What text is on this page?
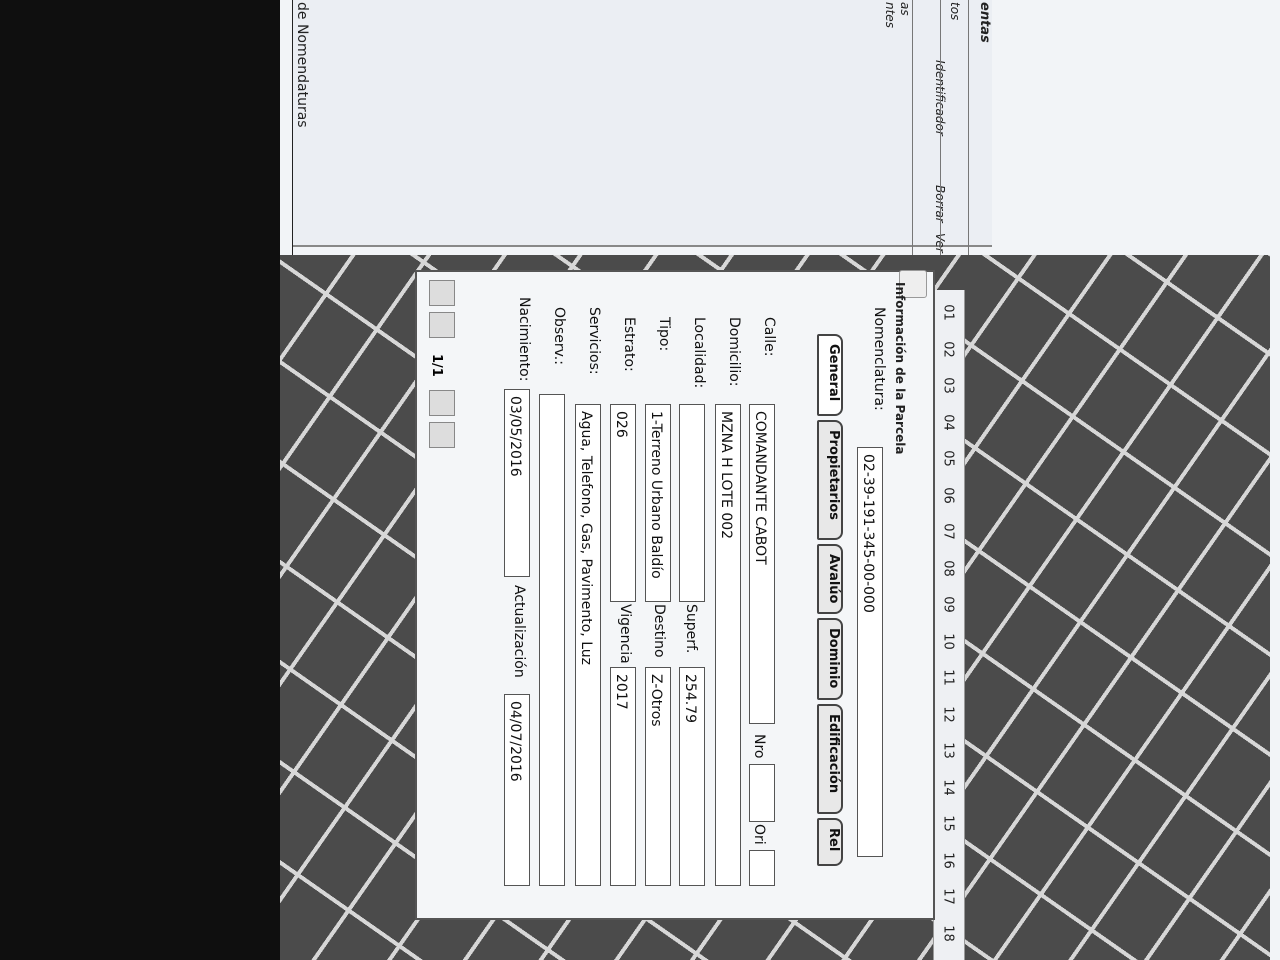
entas
tos
as
ntes
Identificador
Borrar
Ver
de Nomendaturas
01
02
03
04
05
06
07
08
09
10
11
12
13
14
15
16
17
18
Información de la Parcela
Nomenclatura:
02-39-191-345-00-000
General
Propietarios
Avalúo
Dominio
Edificación
Rel
Calle:
COMANDANTE CABOT
Nro
Ori
Domicilio:
MZNA H LOTE 002
Localidad:
Superf.
254.79
Tipo:
1-Terreno Urbano Baldío
Destino
Z-Otros
Estrato:
026
Vigencia
2017
Servicios:
Agua, Telefono, Gas, Pavimento, Luz
Observ.:
Nacimiento:
03/05/2016
Actualización
04/07/2016
1/1
